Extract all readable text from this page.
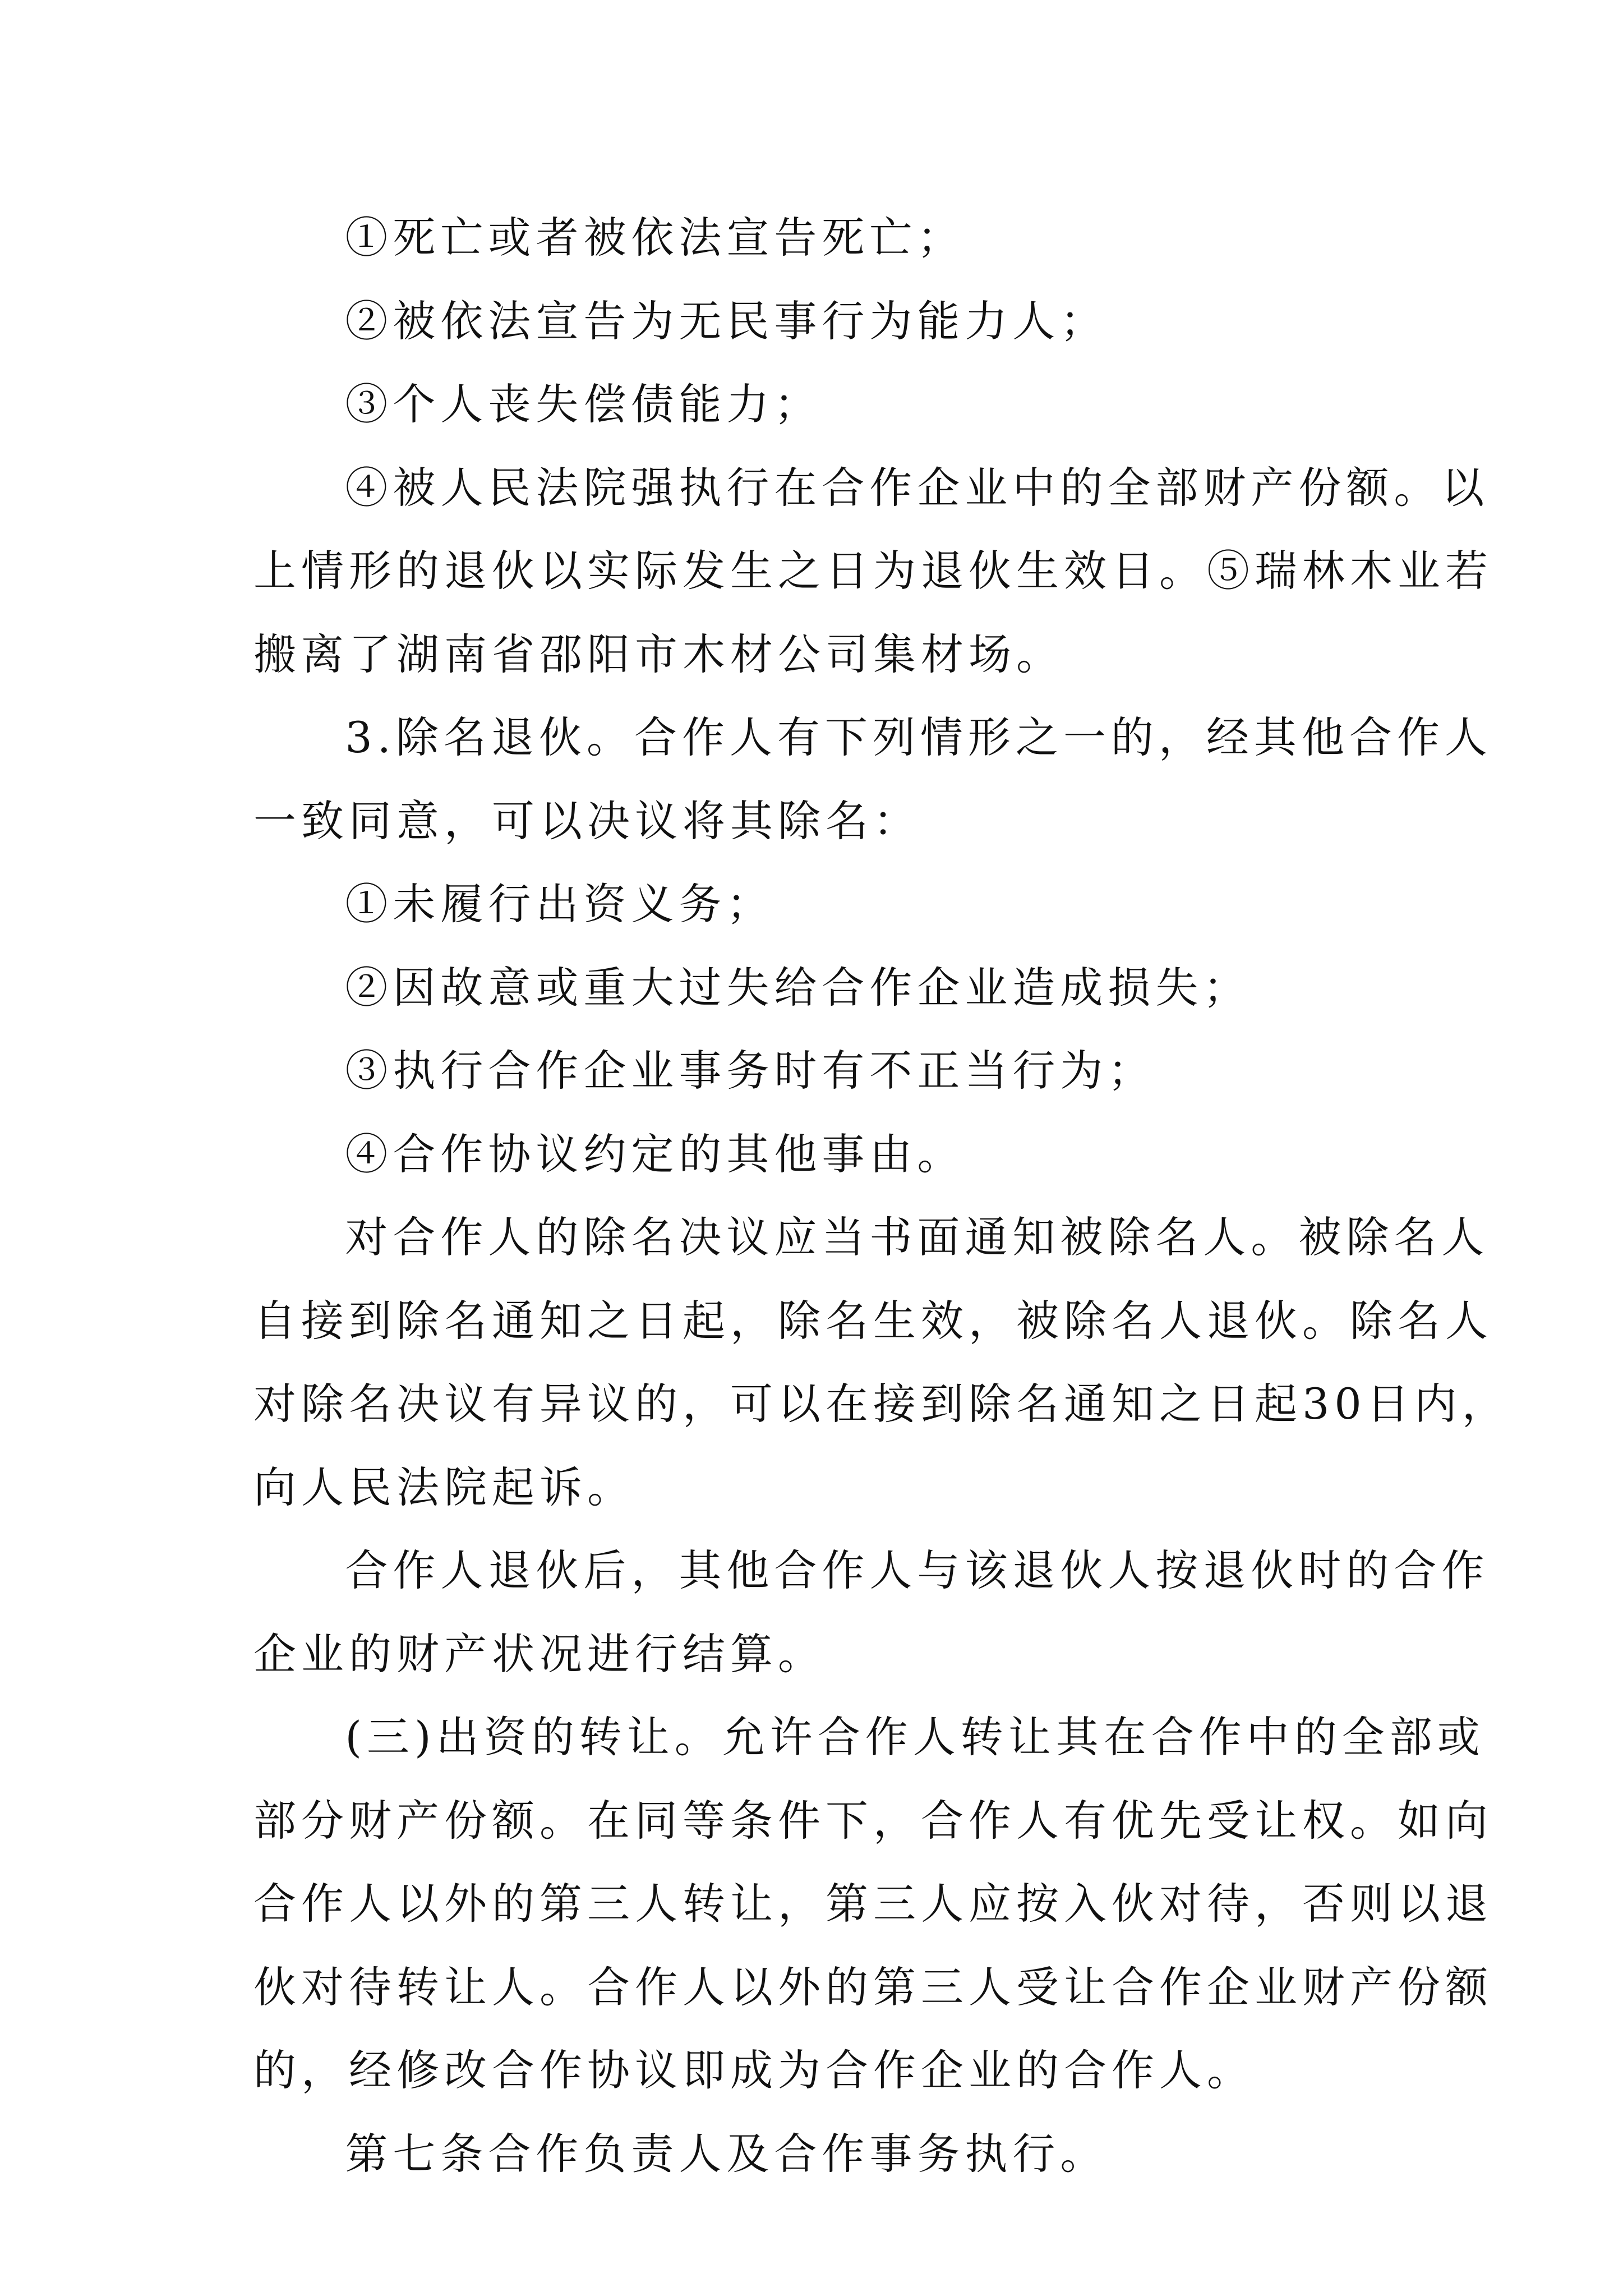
①死亡或者被依法宣告死亡；
②被依法宣告为无民事行为能力人；
③个人丧失偿债能力；
④被人民法院强执行在合作企业中的全部财产份额。以
上情形的退伙以实际发生之日为退伙生效日。⑤瑞林木业若
搬离了湖南省邵阳市木材公司集材场。
3.除名退伙。合作人有下列情形之一的，经其他合作人
一致同意，可以决议将其除名：
①未履行出资义务；
②因故意或重大过失给合作企业造成损失；
③执行合作企业事务时有不正当行为；
④合作协议约定的其他事由。
对合作人的除名决议应当书面通知被除名人。被除名人
自接到除名通知之日起，除名生效，被除名人退伙。除名人
对除名决议有异议的，可以在接到除名通知之日起30日内，
向人民法院起诉。
合作人退伙后，其他合作人与该退伙人按退伙时的合作
企业的财产状况进行结算。
(三)出资的转让。允许合作人转让其在合作中的全部或
部分财产份额。在同等条件下，合作人有优先受让权。如向
合作人以外的第三人转让，第三人应按入伙对待，否则以退
伙对待转让人。合作人以外的第三人受让合作企业财产份额
的，经修改合作协议即成为合作企业的合作人。
第七条合作负责人及合作事务执行。
